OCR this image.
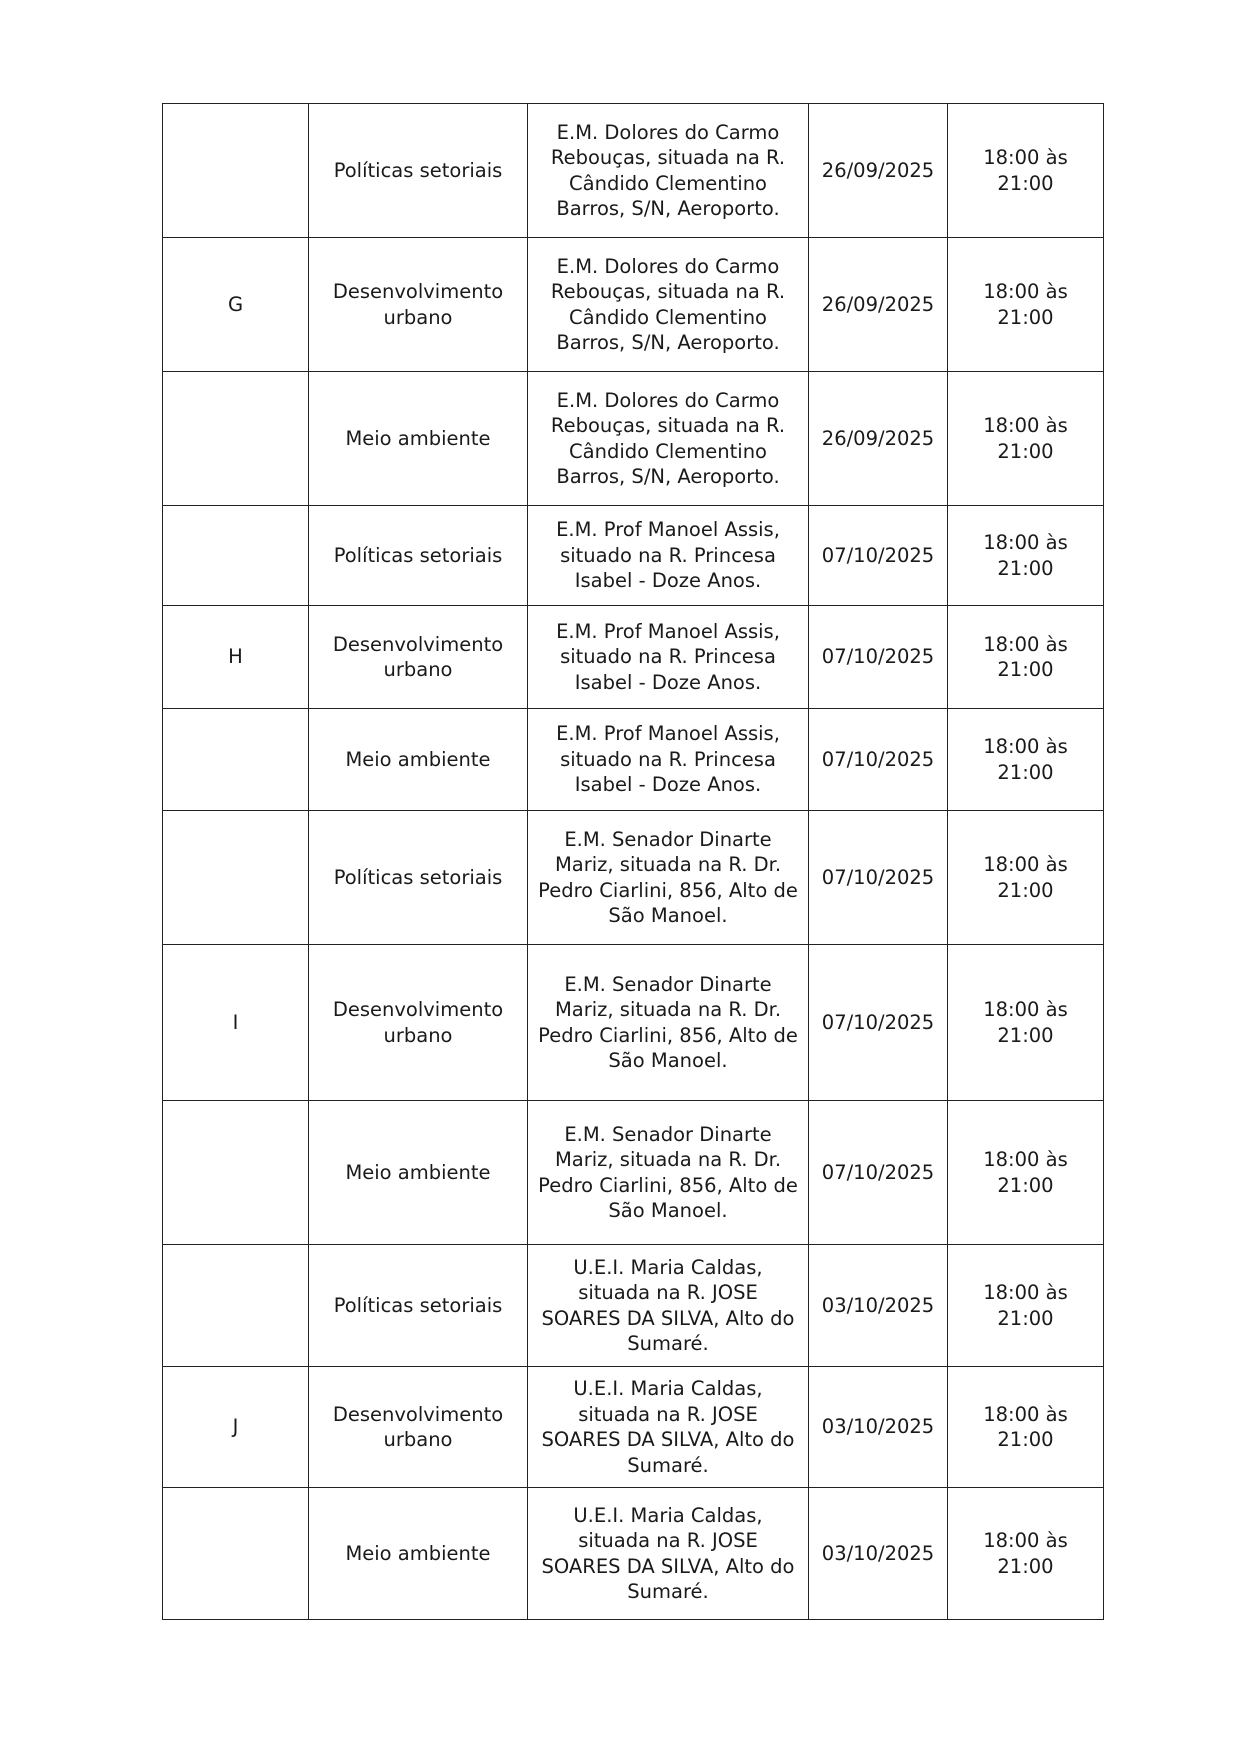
	Políticas setoriais	E.M. Dolores do Carmo Rebouças, situada na R. Cândido Clementino Barros, S/N, Aeroporto.	26/09/2025	18:00 às 21:00
G	Desenvolvimento urbano	E.M. Dolores do Carmo Rebouças, situada na R. Cândido Clementino Barros, S/N, Aeroporto.	26/09/2025	18:00 às 21:00
	Meio ambiente	E.M. Dolores do Carmo Rebouças, situada na R. Cândido Clementino Barros, S/N, Aeroporto.	26/09/2025	18:00 às 21:00
	Políticas setoriais	E.M. Prof Manoel Assis, situado na R. Princesa Isabel - Doze Anos.	07/10/2025	18:00 às 21:00
H	Desenvolvimento urbano	E.M. Prof Manoel Assis, situado na R. Princesa Isabel - Doze Anos.	07/10/2025	18:00 às 21:00
	Meio ambiente	E.M. Prof Manoel Assis, situado na R. Princesa Isabel - Doze Anos.	07/10/2025	18:00 às 21:00
	Políticas setoriais	E.M. Senador Dinarte Mariz, situada na R. Dr. Pedro Ciarlini, 856, Alto de São Manoel.	07/10/2025	18:00 às 21:00
I	Desenvolvimento urbano	E.M. Senador Dinarte Mariz, situada na R. Dr. Pedro Ciarlini, 856, Alto de São Manoel.	07/10/2025	18:00 às 21:00
	Meio ambiente	E.M. Senador Dinarte Mariz, situada na R. Dr. Pedro Ciarlini, 856, Alto de São Manoel.	07/10/2025	18:00 às 21:00
	Políticas setoriais	U.E.I. Maria Caldas, situada na R. JOSE SOARES DA SILVA, Alto do Sumaré.	03/10/2025	18:00 às 21:00
J	Desenvolvimento urbano	U.E.I. Maria Caldas, situada na R. JOSE SOARES DA SILVA, Alto do Sumaré.	03/10/2025	18:00 às 21:00
	Meio ambiente	U.E.I. Maria Caldas, situada na R. JOSE SOARES DA SILVA, Alto do Sumaré.	03/10/2025	18:00 às 21:00
